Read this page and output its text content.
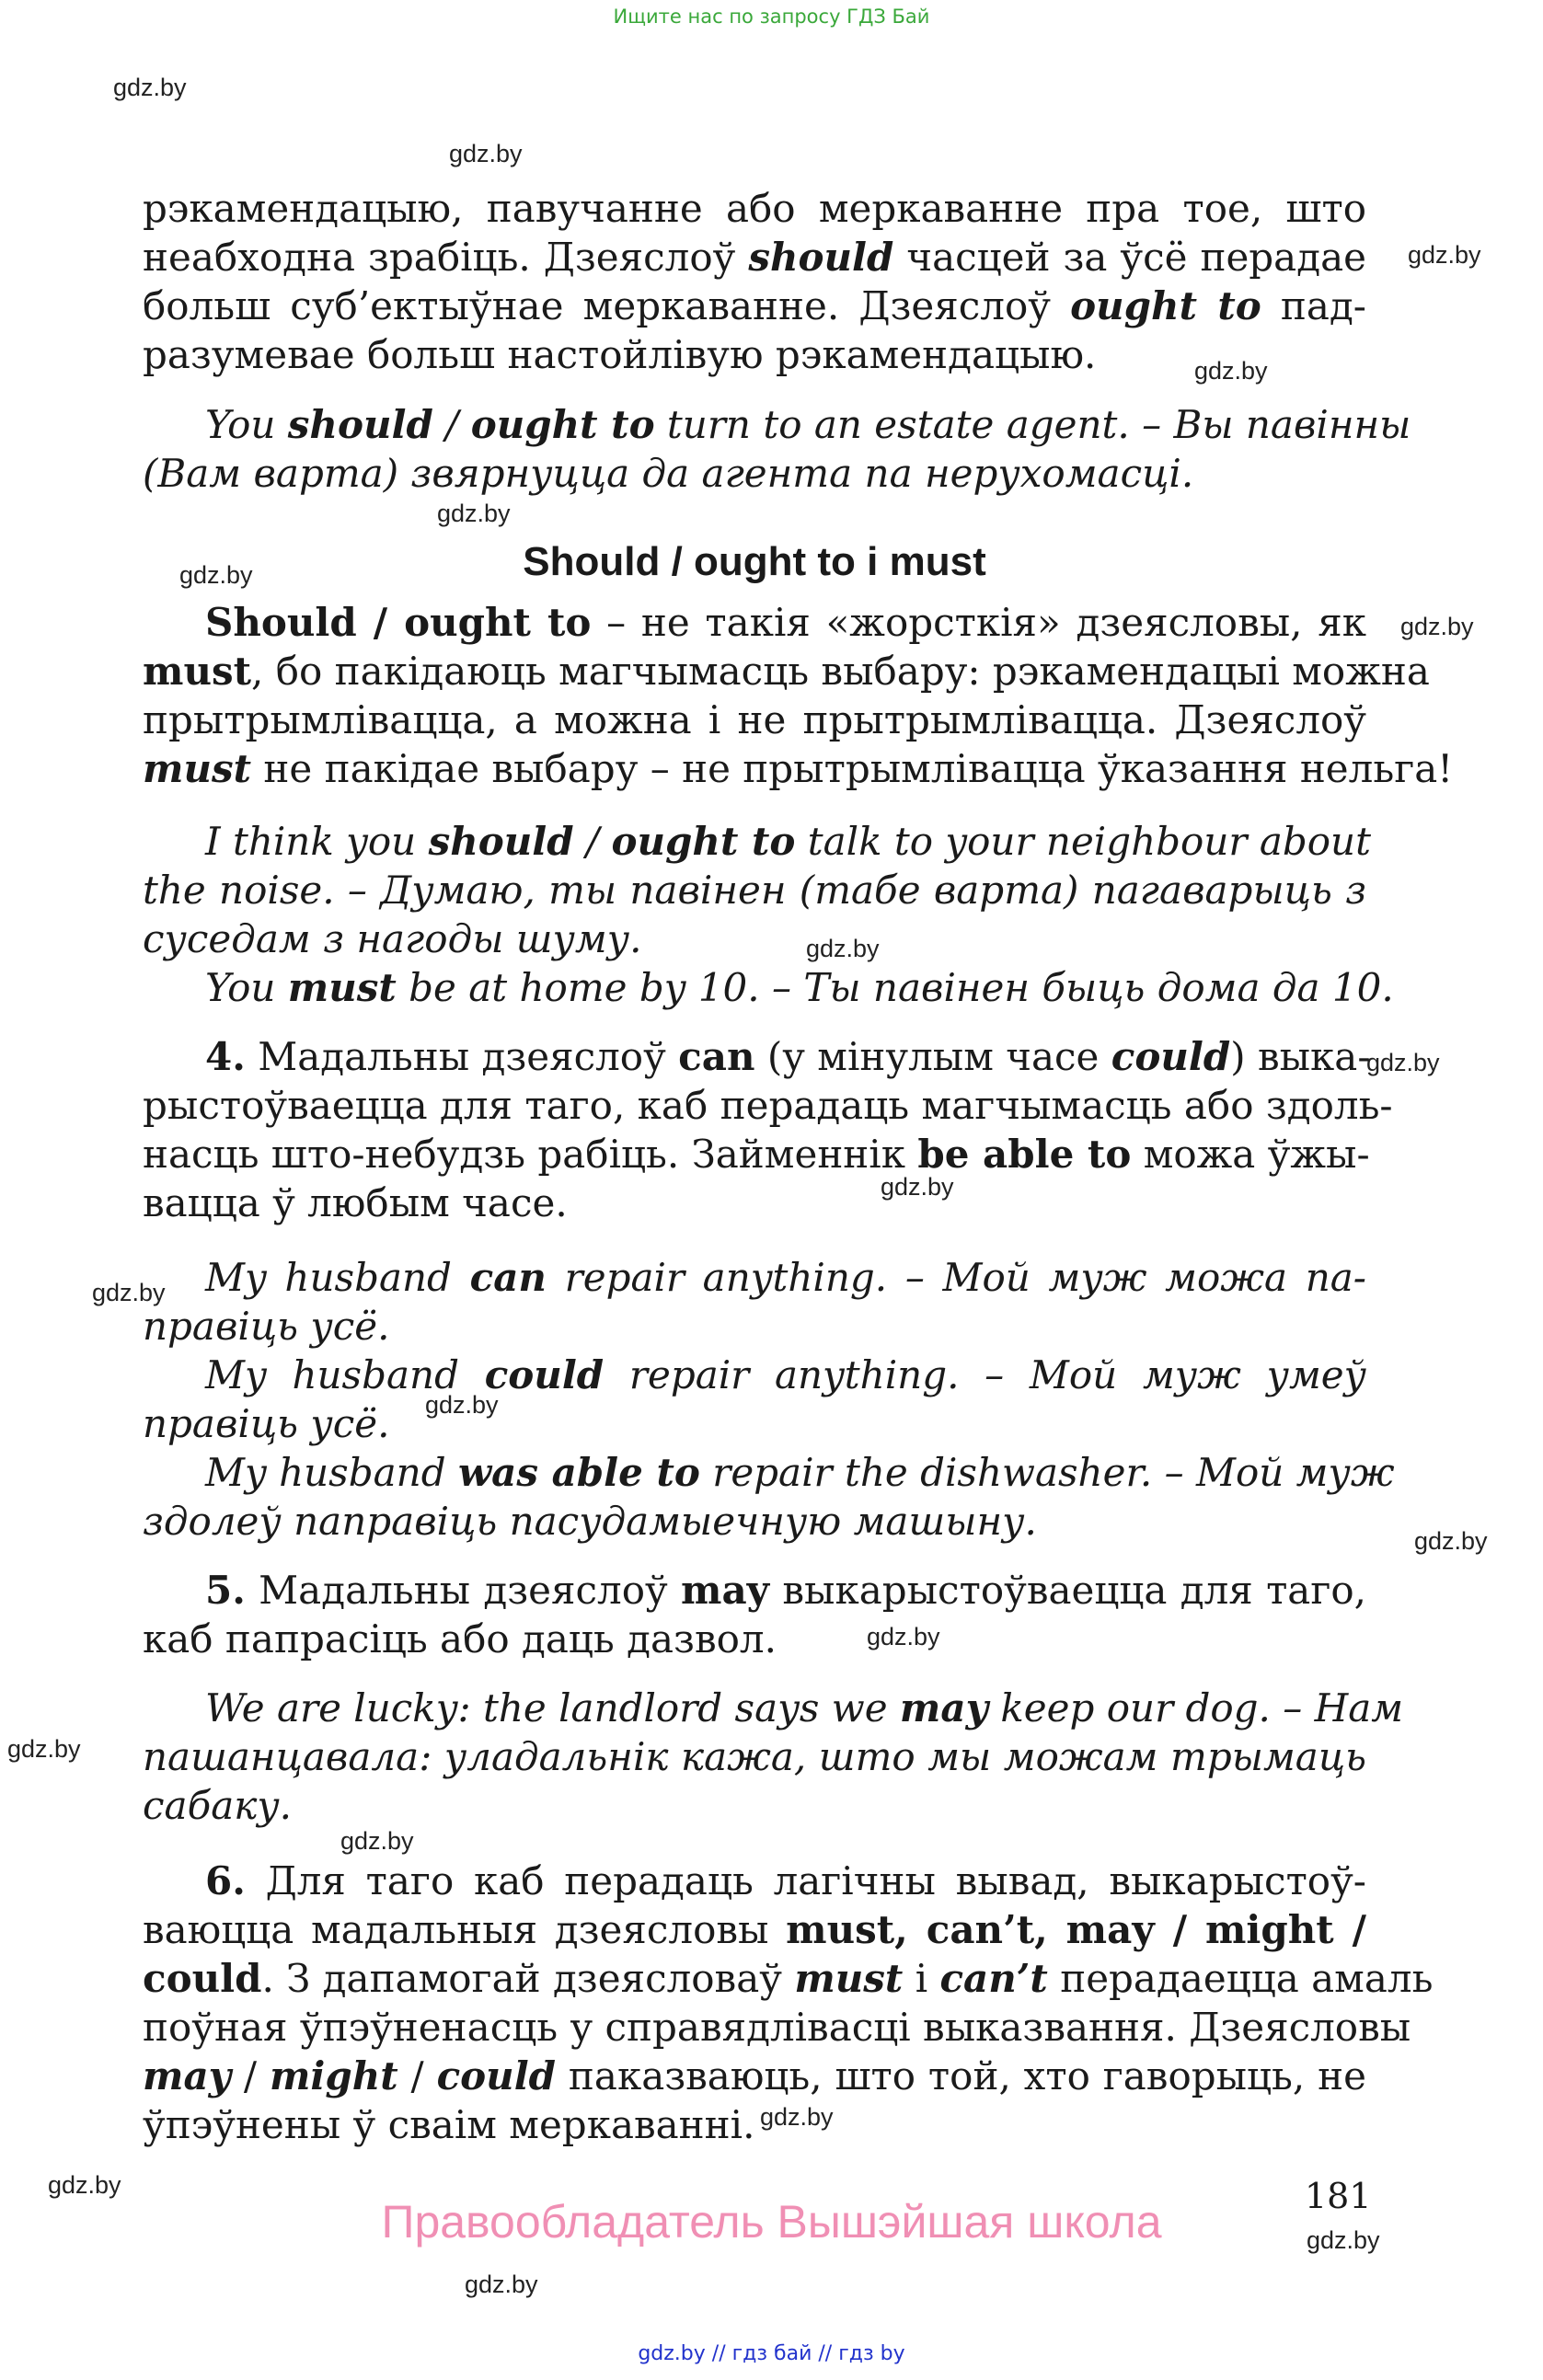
Ищите нас по запросу ГДЗ Бай
gdz.by
gdz.by
gdz.by
gdz.by
gdz.by
gdz.by
gdz.by
gdz.by
gdz.by
gdz.by
gdz.by
gdz.by
gdz.by
gdz.by
gdz.by
gdz.by
gdz.by
gdz.by
gdz.by
gdz.by
рэкамендацыю, павучанне або меркаванне пра тое, што
неабходна зрабіць. Дзеяслоў should часцей за ўсё перадае
больш суб’ектыўнае меркаванне. Дзеяслоў ought to пад-
разумевае больш настойлівую рэкамендацыю.
You should / ought to turn to an estate agent. – Вы павінны
(Вам варта) звярнуцца да агента па нерухомасці.
Should / ought to і must
Should / ought to – не такія «жорсткія» дзеясловы, як
must, бо пакідаюць магчымасць выбару: рэкамендацыі можна
прытрымлівацца, а можна і не прытрымлівацца. Дзеяслоў
must не пакідае выбару – не прытрымлівацца ўказання нельга!
I think you should / ought to talk to your neighbour about
the noise. – Думаю, ты павінен (табе варта) пагаварыць з
суседам з нагоды шуму.
You must be at home by 10. – Ты павінен быць дома да 10.
4. Мадальны дзеяслоў can (у мінулым часе could) выка-
рыстоўваецца для таго, каб перадаць магчымасць або здоль-
насць што-небудзь рабіць. Займеннік be able to можа ўжы-
вацца ў любым часе.
My husband can repair anything. – Мой муж можа па-
правіць усё.
My husband could repair anything. – Мой муж умеў
правіць усё.
My husband was able to repair the dishwasher. – Мой муж
здолеў паправіць пасудамыечную машыну.
5. Мадальны дзеяслоў may выкарыстоўваецца для таго,
каб папрасіць або даць дазвол.
We are lucky: the landlord says we may keep our dog. – Нам
пашанцавала: уладальнік кажа, што мы можам трымаць
сабаку.
6. Для таго каб перадаць лагічны вывад, выкарыстоў-
ваюцца мадальныя дзеясловы must, can’t, may / might /
could. З дапамогай дзеясловаў must і can’t перадаецца амаль
поўная ўпэўненасць у справядлівасці выказвання. Дзеясловы
may / might / could паказваюць, што той, хто гаворыць, не
ўпэўнены ў сваім меркаванні.
181
Правообладатель Вышэйшая школа
gdz.by // гдз бай // гдз by
